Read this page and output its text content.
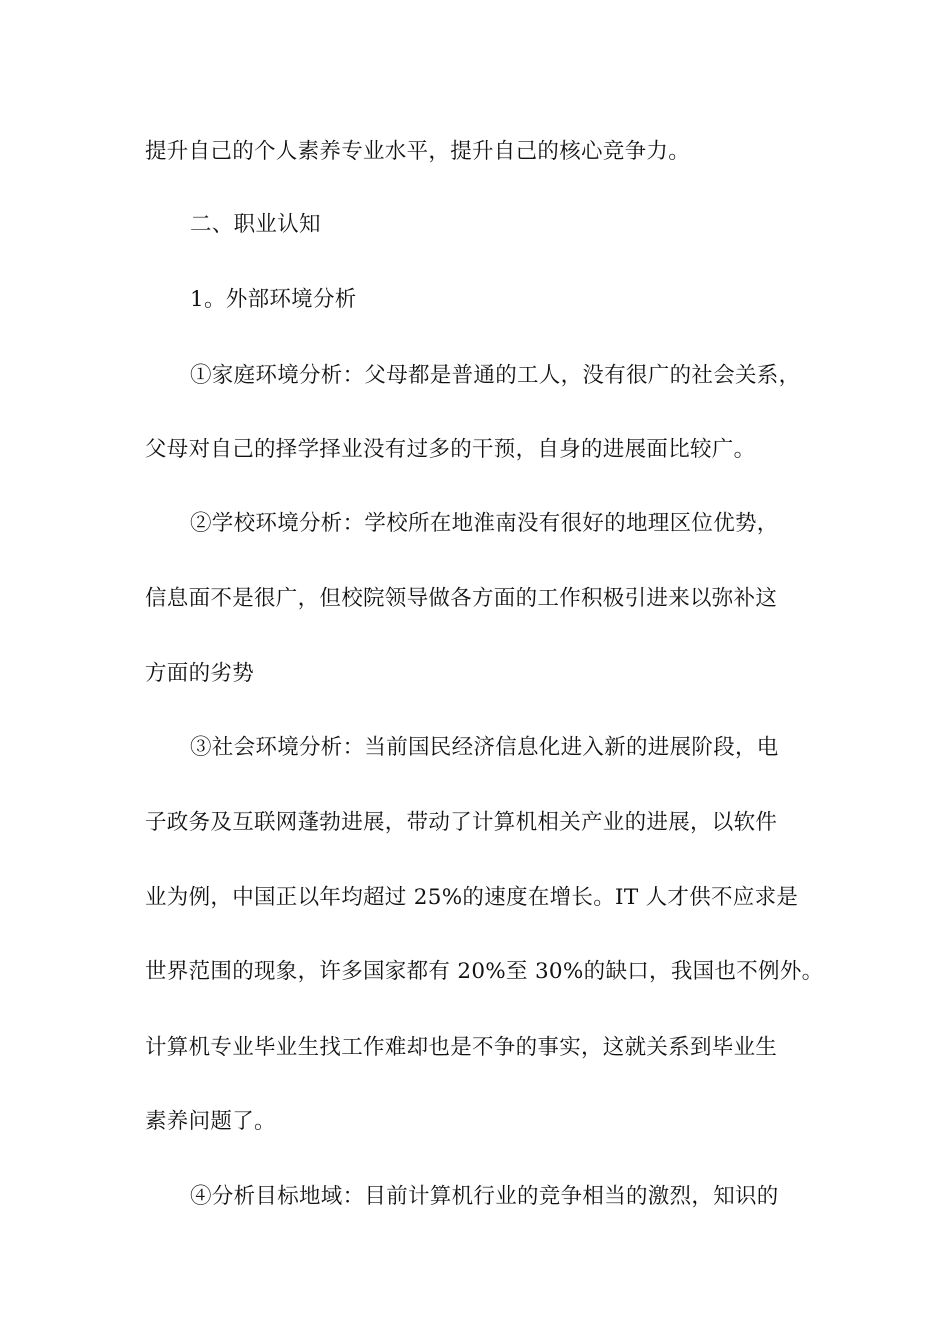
提升自己的个人素养专业水平，提升自己的核心竞争力。
二、职业认知
1。外部环境分析
①家庭环境分析：父母都是普通的工人，没有很广的社会关系，
父母对自己的择学择业没有过多的干预，自身的进展面比较广。
②学校环境分析：学校所在地淮南没有很好的地理区位优势，
信息面不是很广，但校院领导做各方面的工作积极引进来以弥补这
方面的劣势
③社会环境分析：当前国民经济信息化进入新的进展阶段，电
子政务及互联网蓬勃进展，带动了计算机相关产业的进展，以软件
业为例，中国正以年均超过 25%的速度在增长。IT 人才供不应求是
世界范围的现象，许多国家都有 20%至 30%的缺口，我国也不例外。
计算机专业毕业生找工作难却也是不争的事实，这就关系到毕业生
素养问题了。
④分析目标地域：目前计算机行业的竞争相当的激烈，知识的
